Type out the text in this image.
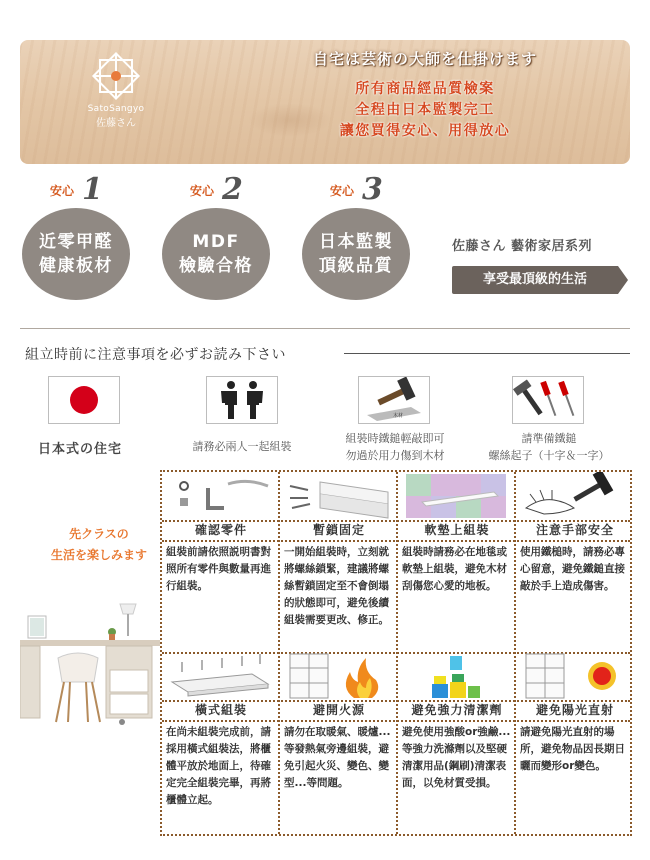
SatoSangyo
佐藤さん
自宅は芸術の大師を仕掛けます
所有商品經品質檢案
全程由日本監製完工
讓您買得安心、用得放心
安心 1
近零甲醛
健康板材
安心 2
MDF
檢驗合格
安心 3
日本監製
頂級品質
佐藤さん 藝術家居系列
享受最頂級的生活
組立時前に注意事項を必ずお読み下さい
日本式の住宅	請務必兩人一起組裝
木材
組裝時鐵鎚輕敲即可
勿過於用力傷到木材
請準備鐵鎚
螺絲起子（十字＆一字）
先クラスの
生活を楽しみます
確認零件
組裝前請依照説明書對照所有零件與數量再進行組裝。
暫鎖固定
一開始組裝時，立刻就將螺絲鎖緊，建議將螺絲暫鎖固定至不會倒塌的狀態即可，避免後續組裝需要更改、修正。
軟墊上組裝
組裝時請務必在地毯或軟墊上組裝，避免木材刮傷您心愛的地板。
注意手部安全
使用鐵槌時，請務必專心留意，避免鐵鎚直接敲於手上造成傷害。
橫式組裝
在尚未組裝完成前，請採用橫式組裝法，將櫃體平放於地面上，待確定完全組裝完畢，再將櫃體立起。
避開火源
請勿在取暖氣、暖爐...等發熱氣旁邊組裝，避免引起火災、變色、變型...等問題。
避免強力清潔劑
避免使用強酸or強鹼...等強力洗滌劑以及堅硬清潔用品(鋼刷)清潔表面，以免材質受損。
避免陽光直射
請避免陽光直射的場所，避免物品因長期日曬而變形or變色。
